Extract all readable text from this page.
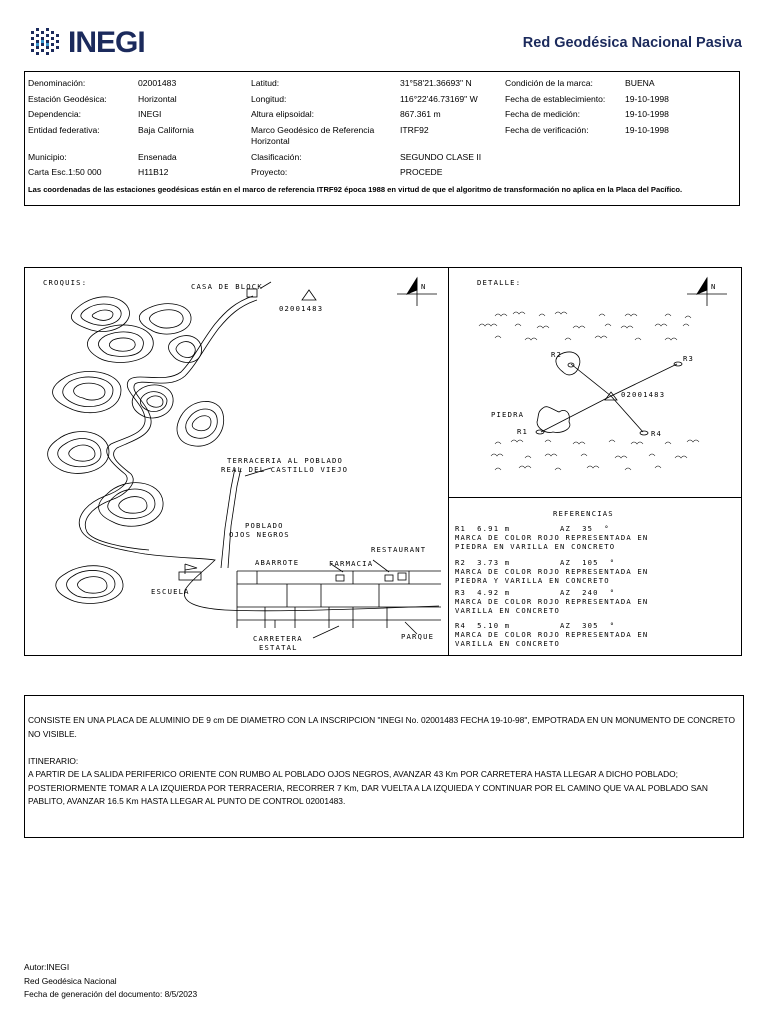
INEGI	Red Geodésica Nacional Pasiva
Denominación:	02001483	Latitud:	31°58'21.36693" N	Condición de la marca:	BUENA
Estación Geodésica:	Horizontal	Longitud:	116°22'46.73169" W	Fecha de establecimiento:	19-10-1998
Dependencia:	INEGI	Altura elipsoidal:	867.361 m	Fecha de medición:	19-10-1998
Entidad federativa:	Baja California	Marco Geodésico de Referencia Horizontal	ITRF92	Fecha de verificación:	19-10-1998
Municipio:	Ensenada	Clasificación:	SEGUNDO CLASE II		
Carta Esc.1:50 000	H11B12	Proyecto:	PROCEDE		
Las coordenadas de las estaciones geodésicas están en el marco de referencia ITRF92 época 1988 en virtud de que el algoritmo de transformación no aplica en la Placa del Pacífico.					
CROQUIS:	CASA DE BLOCK
02001483
N
TERRACERIA AL POBLADO
REAL DEL CASTILLO VIEJO
POBLADO
OJOS NEGROS
ABARROTE	FARMACIA
RESTAURANT
ESCUELA
CARRETERA
ESTATAL
PARQUE
DETALLE:	N
R2	R3
02001483
PIEDRA
R1	R4
REFERENCIAS
R1  6.91 m         AZ  35  °
MARCA DE COLOR ROJO REPRESENTADA EN
PIEDRA EN VARILLA EN CONCRETO
R2  3.73 m         AZ  105  °
MARCA DE COLOR ROJO REPRESENTADA EN
PIEDRA Y VARILLA EN CONCRETO
R3  4.92 m         AZ  240  °
MARCA DE COLOR ROJO REPRESENTADA EN
VARILLA EN CONCRETO
R4  5.10 m         AZ  305  °
MARCA DE COLOR ROJO REPRESENTADA EN
VARILLA EN CONCRETO

CONSISTE EN UNA PLACA DE ALUMINIO DE 9 cm DE DIAMETRO CON LA INSCRIPCION "INEGI No. 02001483 FECHA 19-10-98", EMPOTRADA EN UN MONUMENTO DE CONCRETO NO VISIBLE.

ITINERARIO:

A PARTIR DE LA SALIDA PERIFERICO ORIENTE CON RUMBO AL POBLADO OJOS NEGROS, AVANZAR 43 Km POR CARRETERA HASTA LLEGAR A DICHO POBLADO; POSTERIORMENTE TOMAR A LA IZQUIERDA POR TERRACERIA, RECORRER 7 Km, DAR VUELTA A LA IZQUIEDA Y CONTINUAR POR EL CAMINO QUE VA AL POBLADO SAN PABLITO, AVANZAR 16.5 Km HASTA LLEGAR AL PUNTO DE CONTROL 02001483.

Autor:INEGI
Red Geodésica Nacional
Fecha de generación del documento: 8/5/2023
